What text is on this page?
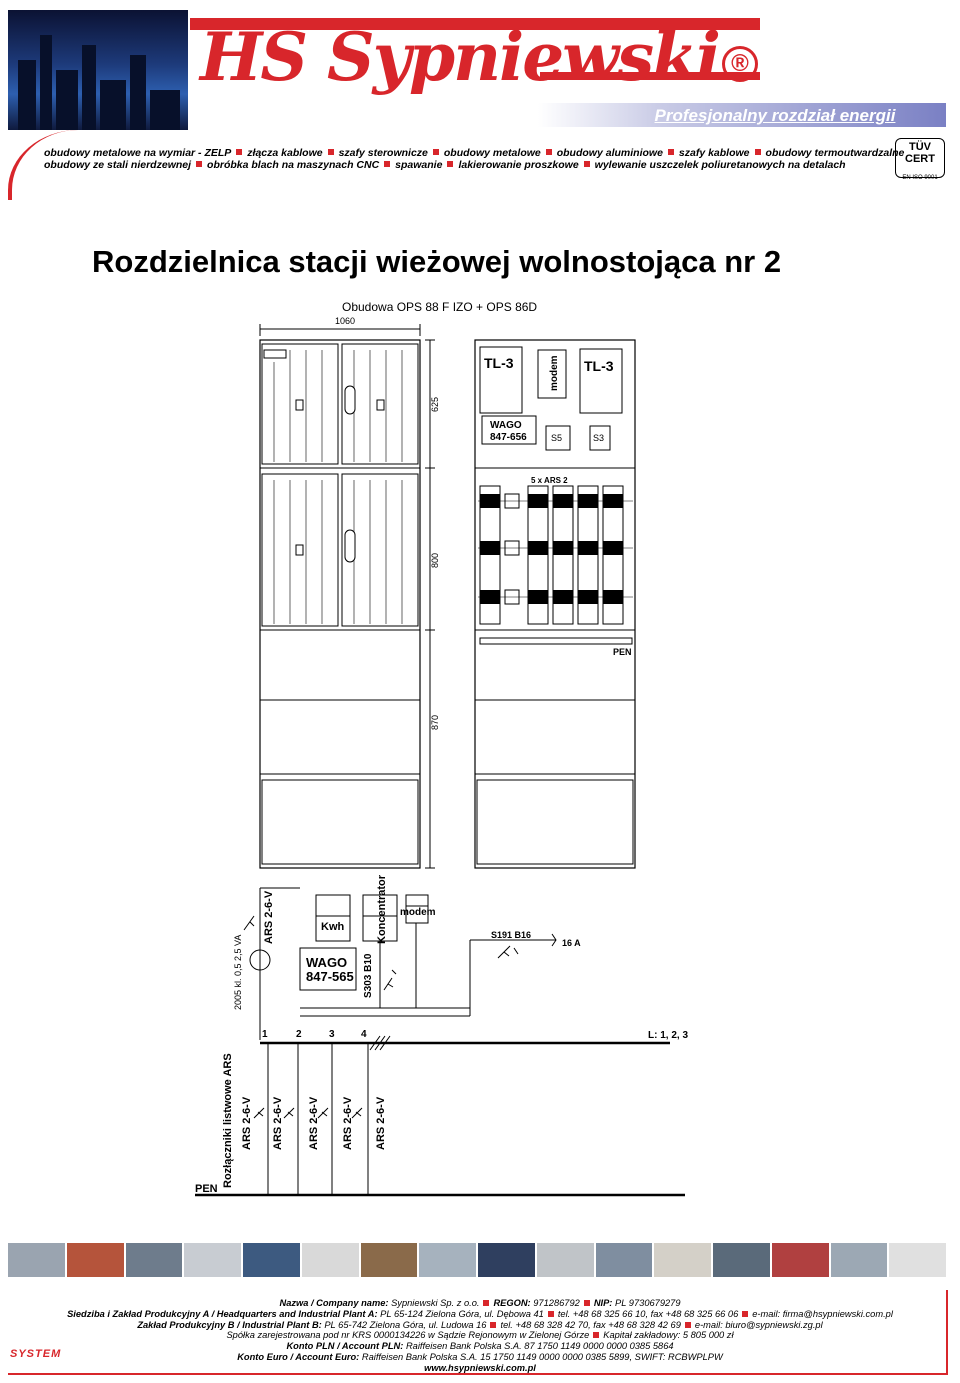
HS Sypniewski ®
Profesjonalny rozdział energii
obudowy metalowe na wymiar - ZELP złącza kablowe szafy sterownicze obudowy metalowe obudowy aluminiowe szafy kablowe obudowy termoutwardzalne
obudowy ze stali nierdzewnej obróbka blach na maszynach CNC spawanie lakierowanie proszkowe wylewanie uszczelek poliuretanowych na detalach
TÜV CERT
EN ISO 9001
Rozdzielnica stacji wieżowej wolnostojąca nr 2
Obudowa OPS 88 F IZO + OPS 86D
1060
625
800
870
TL-3	modem TL-3
WAGO
847-656	S5	S3
5 x ARS 2
PEN
ARS 2-6-V
2005 kl. 0,5 2,5 VA
Kwh	Koncentrator modem
WAGO
847-565 S303 B10
S191 B16
16 A
1	2	3	4	L: 1, 2, 3
Rozłączniki listwowe ARS ARS 2-6-V ARS 2-6-V ARS 2-6-V ARS 2-6-V ARS 2-6-V
PEN
Nazwa / Company name: Sypniewski Sp. z o.o. REGON: 971286792 NIP: PL 9730679279
Siedziba i Zakład Produkcyjny A / Headquarters and Industrial Plant A: PL 65-124 Zielona Góra, ul. Dębowa 41 tel. +48 68 325 66 10, fax +48 68 325 66 06 e-mail: firma@hsypniewski.com.pl
Zakład Produkcyjny B / Industrial Plant B: PL 65-742 Zielona Góra, ul. Ludowa 16 tel. +48 68 328 42 70, fax +48 68 328 42 69 e-mail: biuro@sypniewski.zg.pl
Spółka zarejestrowana pod nr KRS 0000134226 w Sądzie Rejonowym w Zielonej Górze Kapitał zakładowy: 5 805 000 zł
Konto PLN / Account PLN: Raiffeisen Bank Polska S.A. 87 1750 1149 0000 0000 0385 5864
Konto Euro / Account Euro: Raiffeisen Bank Polska S.A. 15 1750 1149 0000 0000 0385 5899, SWIFT: RCBWPLPW
www.hsypniewski.com.pl
SYSTEM
